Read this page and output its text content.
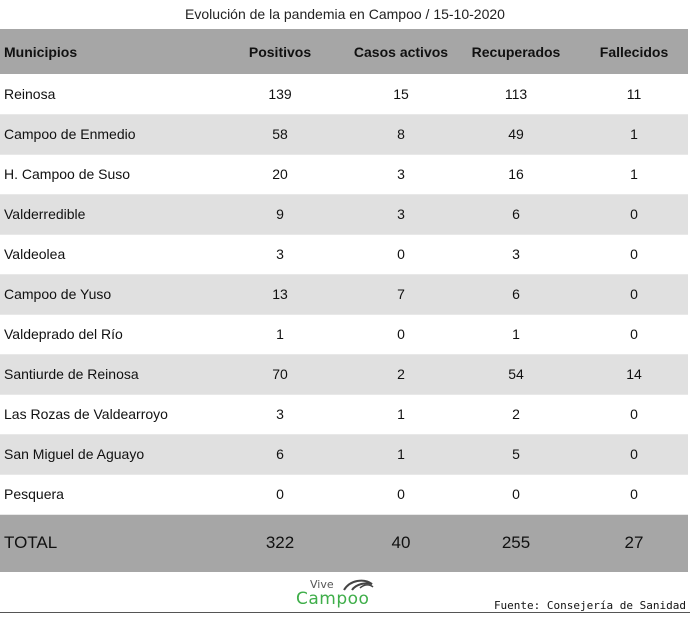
Evolución de la pandemia en Campoo / 15-10-2020
Municipios	Positivos	Casos activos	Recuperados	Fallecidos
Reinosa	139	15	113	11
Campoo de Enmedio	58	8	49	1
H. Campoo de Suso	20	3	16	1
Valderredible	9	3	6	0
Valdeolea	3	0	3	0
Campoo de Yuso	13	7	6	0
Valdeprado del Río	1	0	1	0
Santiurde de Reinosa	70	2	54	14
Las Rozas de Valdearroyo	3	1	2	0
San Miguel de Aguayo	6	1	5	0
Pesquera	0	0	0	0
TOTAL	322	40	255	27
Vive
Campoo	Fuente: Consejería de Sanidad
